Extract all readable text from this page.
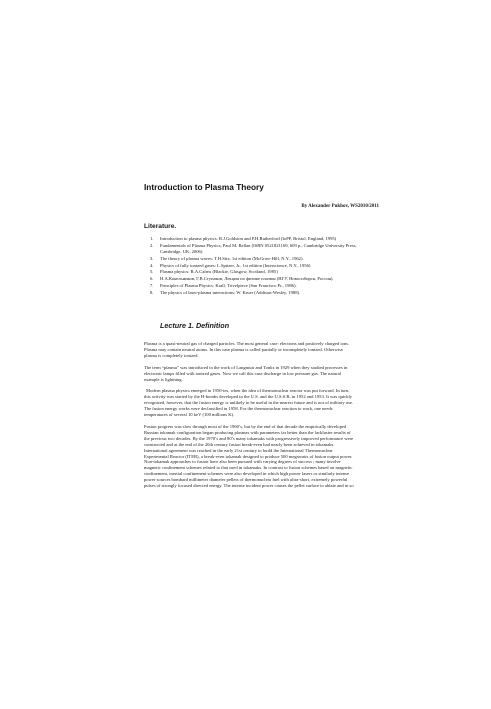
Introduction to Plasma Theory
By Alexander Pukhov, WS2010/2011
Literature.
1.	Introduction to plasma physics: R.J.Goldston and P.H.Rutherford (IoPP, Bristol, England, 1995)
2.	Fundamentals of Plasma Physics; Paul M. Bellan (ISBN 0521821169, 609 p., Cambridge University Press, Cambridge, UK, 2006)
3.	The theory of plasma waves: T.H.Stix, 1st edition (McGraw-Hill, N.Y., 1962).
4.	Physics of fully ionized gases: L.Spitzer, Jr., 1st edition (Interscience, N.Y., 1956)
5.	Plasma physics: R.A.Cairns (Blackie, Glasgow, Scotland, 1985)
6.	Н.А.Кокельников, Г.В.Ступаков, Лекции по физике плазмы (НГУ, Новосибирск, Россия).
7.	Principles of Plasma Physics: Krall, Trivelpiece (San Francisco Pr., 1986).
8.	The physics of laser-plasma interactions: W. Kruer (Addison-Wesley, 1988).
Lecture 1. Definition

Plasma is a quasi-neutral gas of charged particles. The most general case: electrons and positively charged ions. Plasma may contain neutral atoms. In this case plasma is called partially or incompletely ionized. Otherwise plasma is completely ionized.

The term “plasma” was introduced in the work of Langmuir and Tonks in 1929 when they studied processes in electronic lamps filled with ionized gases. Now we call this case discharge in low pressure gas. The natural example is lightning.

Modern plasma physics emerged in 1950-ies, when the idea of thermonuclear reactor was put forward. In turn, this activity was started by the H-bombs developed in the U.S. and the U.S.S.R. in 1952 and 1953. It was quickly recognized, however, that the fusion energy is unlikely to be useful in the nearest future and is not of military use. The fusion energy works were declassified in 1958. For the thermonuclear reaction to work, one needs temperatures of several 10 keV (100 millions K).

Fusion progress was slow through most of the 1960’s, but by the end of that decade the empirically developed Russian tokamak configuration began producing plasmas with parameters far better than the lackluster results of the previous two decades. By the 1970’s and 80’s many tokamaks with progressively improved performance were constructed and at the end of the 20th century fusion break-even had nearly been achieved in tokamaks. International agreement was reached in the early 21st century to build the International Thermonuclear Experimental Reactor (ITER), a break-even tokamak designed to produce 500 megawatts of fusion output power. Non-tokamak approaches to fusion have also been pursued with varying degrees of success ; many involve magnetic confinement schemes related to that used in tokamaks. In contrast to fusion schemes based on magnetic confinement, inertial confinement schemes were also developed in which high power lasers or similarly intense power sources bombard millimeter diameter pellets of thermonuclear fuel with ultra-short, extremely powerful pulses of strongly focused directed energy. The intense incident power causes the pellet surface to ablate and in so
